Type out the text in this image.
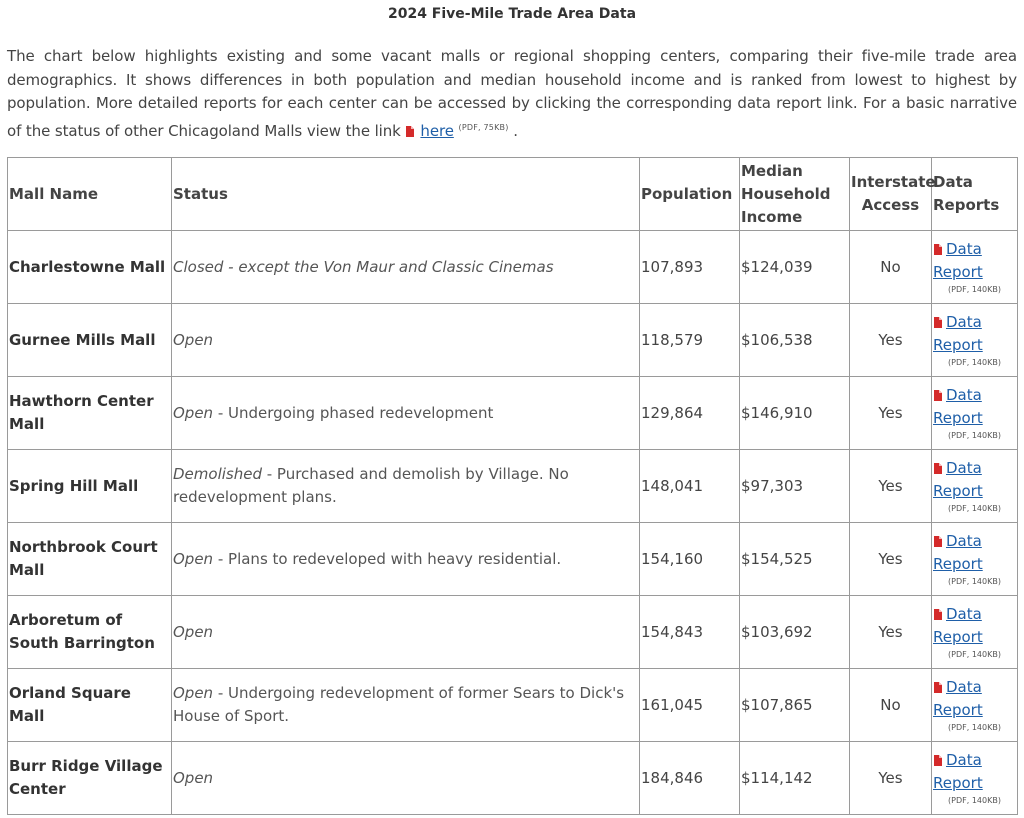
2024 Five-Mile Trade Area Data
The chart below highlights existing and some vacant malls or regional shopping centers, comparing their five-mile trade area demographics. It shows differences in both population and median household income and is ranked from lowest to highest by population. More detailed reports for each center can be accessed by clicking the corresponding data report link. For a basic narrative of the status of other Chicagoland Malls view the link here $^{(PDF, 75KB)}$ .
Mall Name	Status	Population	Median Household Income	Interstate Access	Data Reports
Charlestowne Mall	Closed - except the Von Maur and Classic Cinemas	107,893	$124,039	No	Data Report
(PDF, 140KB)

Gurnee Mills Mall	Open	118,579	$106,538	Yes	Data Report
(PDF, 140KB)

Hawthorn Center Mall	Open - Undergoing phased redevelopment	129,864	$146,910	Yes	Data Report
(PDF, 140KB)

Spring Hill Mall	Demolished - Purchased and demolish by Village. No redevelopment plans.	148,041	$97,303	Yes	Data Report
(PDF, 140KB)

Northbrook Court Mall	Open - Plans to redeveloped with heavy residential.	154,160	$154,525	Yes	Data Report
(PDF, 140KB)

Arboretum of South Barrington	Open	154,843	$103,692	Yes	Data Report
(PDF, 140KB)

Orland Square Mall	Open - Undergoing redevelopment of former Sears to Dick's House of Sport.	161,045	$107,865	No	Data Report
(PDF, 140KB)

Burr Ridge Village Center	Open	184,846	$114,142	Yes	Data Report
(PDF, 140KB)
